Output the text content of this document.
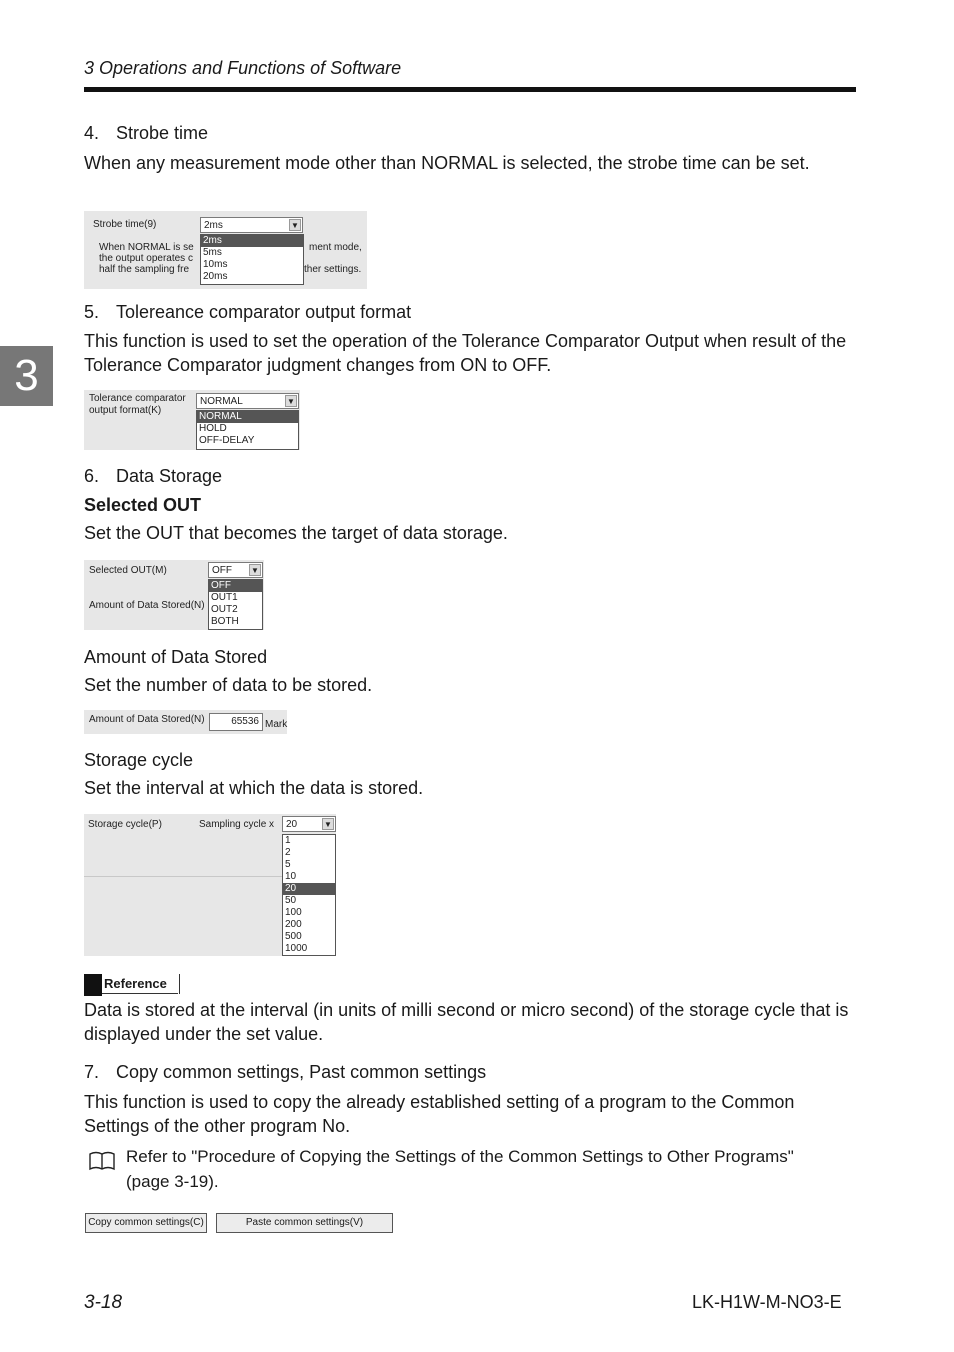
3 Operations and Functions of Software
3
4. Strobe time
When any measurement mode other than NORMAL is selected, the strobe time can be set.
Strobe time(9)	2ms	▼
When NORMAL is se	ment mode,
the output operates c
half the sampling fre	ther settings.
2ms
5ms
10ms
20ms
5. Tolereance comparator output format
This function is used to set the operation of the Tolerance Comparator Output when result of the Tolerance Comparator judgment changes from ON to OFF.
Tolerance comparator
output format(K)
NORMAL	▼
NORMAL
HOLD
OFF-DELAY
6. Data Storage
Selected OUT
Set the OUT that becomes the target of data storage.
Selected OUT(M)
Amount of Data Stored(N)
OFF ▼
OFF
OUT1
OUT2
BOTH
Amount of Data Stored
Set the number of data to be stored.
Amount of Data Stored(N)	65536 Mark
Storage cycle
Set the interval at which the data is stored.
Storage cycle(P)	Sampling cycle x 20	▼
1
2
5
10
20
50
100
200
500
1000
Reference
Data is stored at the interval (in units of milli second or micro second) of the storage cycle that is displayed under the set value.
7. Copy common settings, Past common settings
This function is used to copy the already established setting of a program to the Common Settings of the other program No.
Refer to "Procedure of Copying the Settings of the Common Settings to Other Programs"
(page 3-19).
Copy common settings(C)	Paste common settings(V)
3-18	LK-H1W-M-NO3-E
